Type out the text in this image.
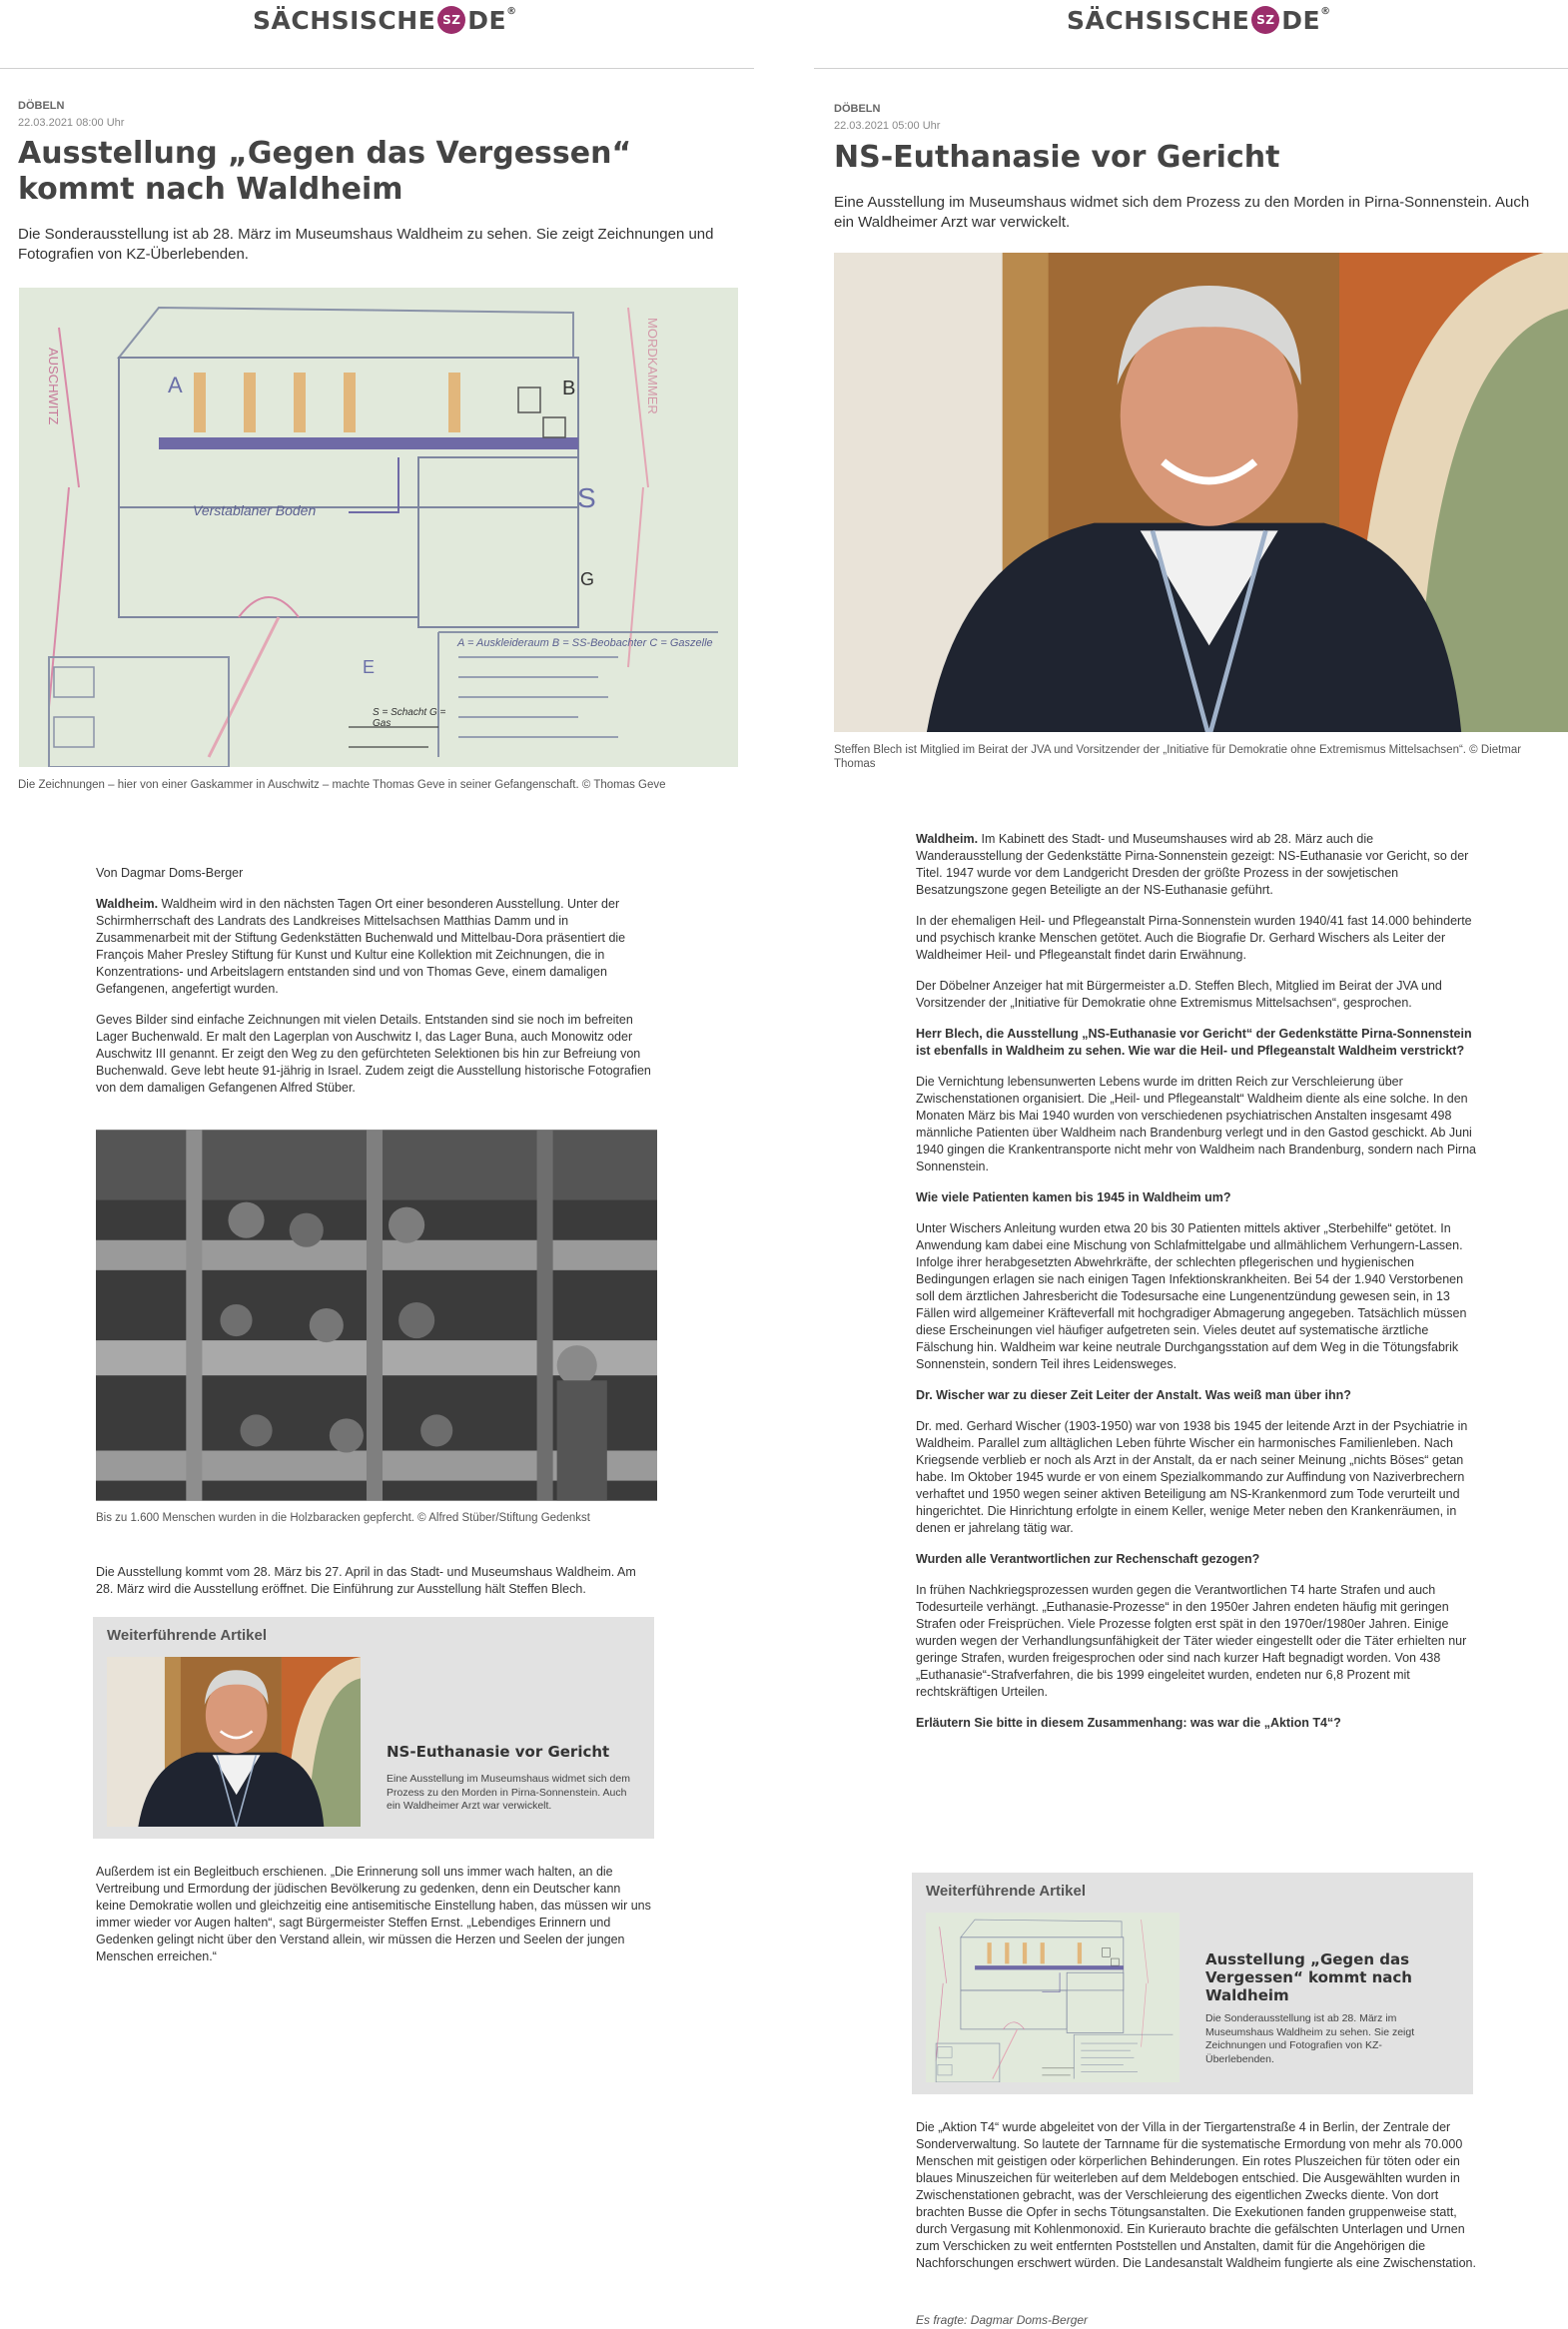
SÄCHSISCHE SZ DE®
DÖBELN
22.03.2021 08:00 Uhr
Ausstellung „Gegen das Vergessen“ kommt nach Waldheim

Die Sonderausstellung ist ab 28. März im Museumshaus Waldheim zu sehen. Sie zeigt Zeichnungen und Fotografien von KZ-Überlebenden.

A	B
S
E
G
Verstablaner Boden
A = Auskleideraum B = SS-Beobachter C = Gaszelle
S = Schacht G = Gas
AUSCHWITZ	MORDKAMMER

Die Zeichnungen – hier von einer Gaskammer in Auschwitz – machte Thomas Geve in seiner Gefangenschaft. © Thomas Geve

Von Dagmar Doms-Berger

Waldheim. Waldheim wird in den nächsten Tagen Ort einer besonderen Ausstellung. Unter der Schirmherrschaft des Landrats des Landkreises Mittelsachsen Matthias Damm und in Zusammenarbeit mit der Stiftung Gedenkstätten Buchenwald und Mittelbau-Dora präsentiert die François Maher Presley Stiftung für Kunst und Kultur eine Kollektion mit Zeichnungen, die in Konzentrations- und Arbeitslagern entstanden sind und von Thomas Geve, einem damaligen Gefangenen, angefertigt wurden.

Geves Bilder sind einfache Zeichnungen mit vielen Details. Entstanden sind sie noch im befreiten Lager Buchenwald. Er malt den Lagerplan von Auschwitz I, das Lager Buna, auch Monowitz oder Auschwitz III genannt. Er zeigt den Weg zu den gefürchteten Selektionen bis hin zur Befreiung von Buchenwald. Geve lebt heute 91-jährig in Israel. Zudem zeigt die Ausstellung historische Fotografien von dem damaligen Gefangenen Alfred Stüber.

Bis zu 1.600 Menschen wurden in die Holzbaracken gepfercht. © Alfred Stüber/Stiftung Gedenkst

Die Ausstellung kommt vom 28. März bis 27. April in das Stadt- und Museumshaus Waldheim. Am 28. März wird die Ausstellung eröffnet. Die Einführung zur Ausstellung hält Steffen Blech.

Weiterführende Artikel
NS-Euthanasie vor Gericht
Eine Ausstellung im Museumshaus widmet sich dem Prozess zu den Morden in Pirna-Sonnenstein. Auch ein Waldheimer Arzt war verwickelt.

Außerdem ist ein Begleitbuch erschienen. „Die Erinnerung soll uns immer wach halten, an die Vertreibung und Ermordung der jüdischen Bevölkerung zu gedenken, denn ein Deutscher kann keine Demokratie wollen und gleichzeitig eine antisemitische Einstellung haben, das müssen wir uns immer wieder vor Augen halten“, sagt Bürgermeister Steffen Ernst. „Lebendiges Erinnern und Gedenken gelingt nicht über den Verstand allein, wir müssen die Herzen und Seelen der jungen Menschen erreichen.“

SÄCHSISCHE SZ DE®
DÖBELN
22.03.2021 05:00 Uhr
NS-Euthanasie vor Gericht

Eine Ausstellung im Museumshaus widmet sich dem Prozess zu den Morden in Pirna-Sonnenstein. Auch ein Waldheimer Arzt war verwickelt.

Steffen Blech ist Mitglied im Beirat der JVA und Vorsitzender der „Initiative für Demokratie ohne Extremismus Mittelsachsen“. © Dietmar Thomas

Waldheim. Im Kabinett des Stadt- und Museumshauses wird ab 28. März auch die Wanderausstellung der Gedenkstätte Pirna-Sonnenstein gezeigt: NS-Euthanasie vor Gericht, so der Titel. 1947 wurde vor dem Landgericht Dresden der größte Prozess in der sowjetischen Besatzungszone gegen Beteiligte an der NS-Euthanasie geführt.

In der ehemaligen Heil- und Pflegeanstalt Pirna-Sonnenstein wurden 1940/41 fast 14.000 behinderte und psychisch kranke Menschen getötet. Auch die Biografie Dr. Gerhard Wischers als Leiter der Waldheimer Heil- und Pflegeanstalt findet darin Erwähnung.

Der Döbelner Anzeiger hat mit Bürgermeister a.D. Steffen Blech, Mitglied im Beirat der JVA und Vorsitzender der „Initiative für Demokratie ohne Extremismus Mittelsachsen“, gesprochen.

Herr Blech, die Ausstellung „NS-Euthanasie vor Gericht“ der Gedenkstätte Pirna-Sonnenstein ist ebenfalls in Waldheim zu sehen. Wie war die Heil- und Pflegeanstalt Waldheim verstrickt?

Die Vernichtung lebensunwerten Lebens wurde im dritten Reich zur Verschleierung über Zwischenstationen organisiert. Die „Heil- und Pflegeanstalt“ Waldheim diente als eine solche. In den Monaten März bis Mai 1940 wurden von verschiedenen psychiatrischen Anstalten insgesamt 498 männliche Patienten über Waldheim nach Brandenburg verlegt und in den Gastod geschickt. Ab Juni 1940 gingen die Krankentransporte nicht mehr von Waldheim nach Brandenburg, sondern nach Pirna Sonnenstein.

Wie viele Patienten kamen bis 1945 in Waldheim um?

Unter Wischers Anleitung wurden etwa 20 bis 30 Patienten mittels aktiver „Sterbehilfe“ getötet. In Anwendung kam dabei eine Mischung von Schlafmittelgabe und allmählichem Verhungern-Lassen. Infolge ihrer herabgesetzten Abwehrkräfte, der schlechten pflegerischen und hygienischen Bedingungen erlagen sie nach einigen Tagen Infektionskrankheiten. Bei 54 der 1.940 Verstorbenen soll dem ärztlichen Jahresbericht die Todesursache eine Lungenentzündung gewesen sein, in 13 Fällen wird allgemeiner Kräfteverfall mit hochgradiger Abmagerung angegeben. Tatsächlich müssen diese Erscheinungen viel häufiger aufgetreten sein. Vieles deutet auf systematische ärztliche Fälschung hin. Waldheim war keine neutrale Durchgangsstation auf dem Weg in die Tötungsfabrik Sonnenstein, sondern Teil ihres Leidensweges.

Dr. Wischer war zu dieser Zeit Leiter der Anstalt. Was weiß man über ihn?

Dr. med. Gerhard Wischer (1903-1950) war von 1938 bis 1945 der leitende Arzt in der Psychiatrie in Waldheim. Parallel zum alltäglichen Leben führte Wischer ein harmonisches Familienleben. Nach Kriegsende verblieb er noch als Arzt in der Anstalt, da er nach seiner Meinung „nichts Böses“ getan habe. Im Oktober 1945 wurde er von einem Spezialkommando zur Auffindung von Naziverbrechern verhaftet und 1950 wegen seiner aktiven Beteiligung am NS-Krankenmord zum Tode verurteilt und hingerichtet. Die Hinrichtung erfolgte in einem Keller, wenige Meter neben den Krankenräumen, in denen er jahrelang tätig war.

Wurden alle Verantwortlichen zur Rechenschaft gezogen?

In frühen Nachkriegsprozessen wurden gegen die Verantwortlichen T4 harte Strafen und auch Todesurteile verhängt. „Euthanasie-Prozesse“ in den 1950er Jahren endeten häufig mit geringen Strafen oder Freisprüchen. Viele Prozesse folgten erst spät in den 1970er/1980er Jahren. Einige wurden wegen der Verhandlungsunfähigkeit der Täter wieder eingestellt oder die Täter erhielten nur geringe Strafen, wurden freigesprochen oder sind nach kurzer Haft begnadigt worden. Von 438 „Euthanasie“-Strafverfahren, die bis 1999 eingeleitet wurden, endeten nur 6,8 Prozent mit rechtskräftigen Urteilen.

Erläutern Sie bitte in diesem Zusammenhang: was war die „Aktion T4“?

Weiterführende Artikel
Ausstellung „Gegen das Vergessen“ kommt nach Waldheim
Die Sonderausstellung ist ab 28. März im Museumshaus Waldheim zu sehen. Sie zeigt Zeichnungen und Fotografien von KZ-Überlebenden.

Die „Aktion T4“ wurde abgeleitet von der Villa in der Tiergartenstraße 4 in Berlin, der Zentrale der Sonderverwaltung. So lautete der Tarnname für die systematische Ermordung von mehr als 70.000 Menschen mit geistigen oder körperlichen Behinderungen. Ein rotes Pluszeichen für töten oder ein blaues Minuszeichen für weiterleben auf dem Meldebogen entschied. Die Ausgewählten wurden in Zwischenstationen gebracht, was der Verschleierung des eigentlichen Zwecks diente. Von dort brachten Busse die Opfer in sechs Tötungsanstalten. Die Exekutionen fanden gruppenweise statt, durch Vergasung mit Kohlenmonoxid. Ein Kurierauto brachte die gefälschten Unterlagen und Urnen zum Verschicken zu weit entfernten Poststellen und Anstalten, damit für die Angehörigen die Nachforschungen erschwert würden. Die Landesanstalt Waldheim fungierte als eine Zwischenstation.

Es fragte: Dagmar Doms-Berger
